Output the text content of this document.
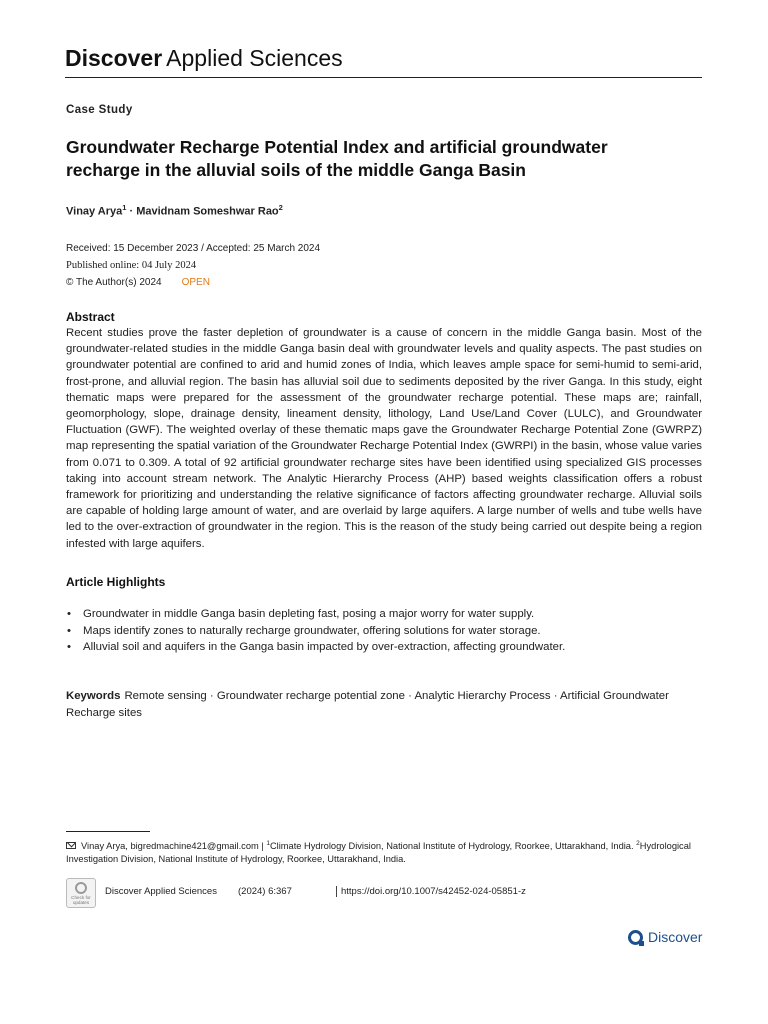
Discover Applied Sciences
Case Study
Groundwater Recharge Potential Index and artificial groundwater recharge in the alluvial soils of the middle Ganga Basin
Vinay Arya$^1$ · Mavidnam Someshwar Rao$^2$
Received: 15 December 2023 / Accepted: 25 March 2024
Published online: 04 July 2024
© The Author(s) 2024 OPEN
Abstract

Recent studies prove the faster depletion of groundwater is a cause of concern in the middle Ganga basin. Most of the groundwater-related studies in the middle Ganga basin deal with groundwater levels and quality aspects. The past studies on groundwater potential are confined to arid and humid zones of India, which leaves ample space for semi-humid to semi-arid, frost-prone, and alluvial region. The basin has alluvial soil due to sediments deposited by the river Ganga. In this study, eight thematic maps were prepared for the assessment of the groundwater recharge potential. These maps are; rainfall, geomorphology, slope, drainage density, lineament density, lithology, Land Use/Land Cover (LULC), and Groundwater Fluctuation (GWF). The weighted overlay of these thematic maps gave the Groundwater Recharge Potential Zone (GWRPZ) map representing the spatial variation of the Groundwater Recharge Potential Index (GWRPI) in the basin, whose value varies from 0.071 to 0.309. A total of 92 artificial groundwater recharge sites have been identified using specialized GIS processes taking into account stream network. The Analytic Hierarchy Process (AHP) based weights classification offers a robust framework for prioritizing and understanding the relative significance of factors affecting groundwater recharge. Alluvial soils are capable of holding large amount of water, and are overlaid by large aquifers. A large number of wells and tube wells have led to the over-extraction of groundwater in the region. This is the reason of the study being carried out despite being a region infested with large aquifers.

Article Highlights
• Groundwater in middle Ganga basin depleting fast, posing a major worry for water supply.
• Maps identify zones to naturally recharge groundwater, offering solutions for water storage.
• Alluvial soil and aquifers in the Ganga basin impacted by over-extraction, affecting groundwater.

Keywords Remote sensing · Groundwater recharge potential zone · Analytic Hierarchy Process · Artificial Groundwater Recharge sites

Vinay Arya, bigredmachine421@gmail.com | $^1$Climate Hydrology Division, National Institute of Hydrology, Roorkee, Uttarakhand, India. $^2$Hydrological Investigation Division, National Institute of Hydrology, Roorkee, Uttarakhand, India.

Check for updates
Discover Applied Sciences (2024) 6:367	https://doi.org/10.1007/s42452-024-05851-z
Discover
